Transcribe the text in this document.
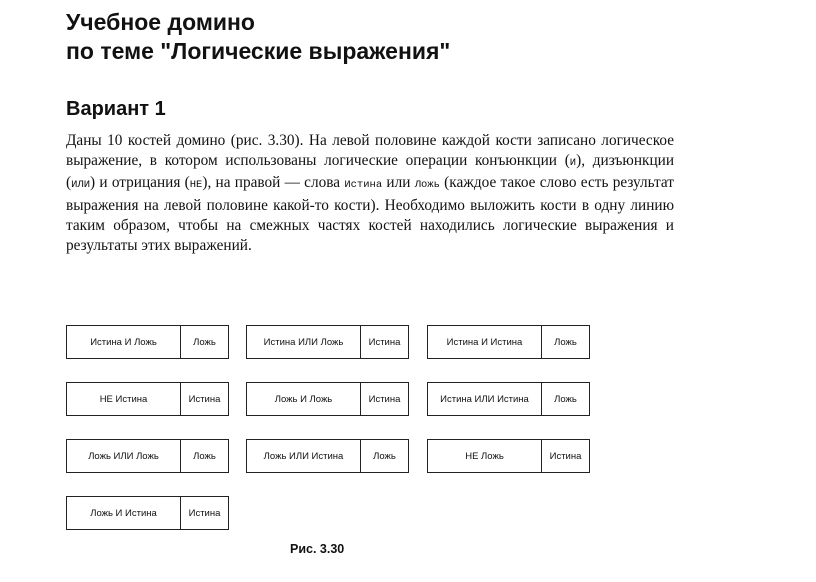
Учебное домино
по теме "Логические выражения"
Вариант 1

Даны 10 костей домино (рис. 3.30). На левой половине каждой кости записано логическое выражение, в котором использованы логические операции конъюнкции (И), дизъюнкции (ИЛИ) и отрицания (НЕ), на правой — слова Истина или Ложь (каждое такое слово есть результат выражения на левой половине какой-то кости). Необходимо выложить кости в одну линию таким образом, чтобы на смежных частях костей находились логические выражения и результаты этих выражений.

Истина И Ложь	Ложь	Истина ИЛИ Ложь	Истина	Истина И Истина	Ложь
НЕ Истина	Истина	Ложь И Ложь	Истина	Истина ИЛИ Истина	Ложь
Ложь ИЛИ Ложь	Ложь	Ложь ИЛИ Истина	Ложь	НЕ Ложь	Истина
Ложь И Истина	Истина

Рис. 3.30
